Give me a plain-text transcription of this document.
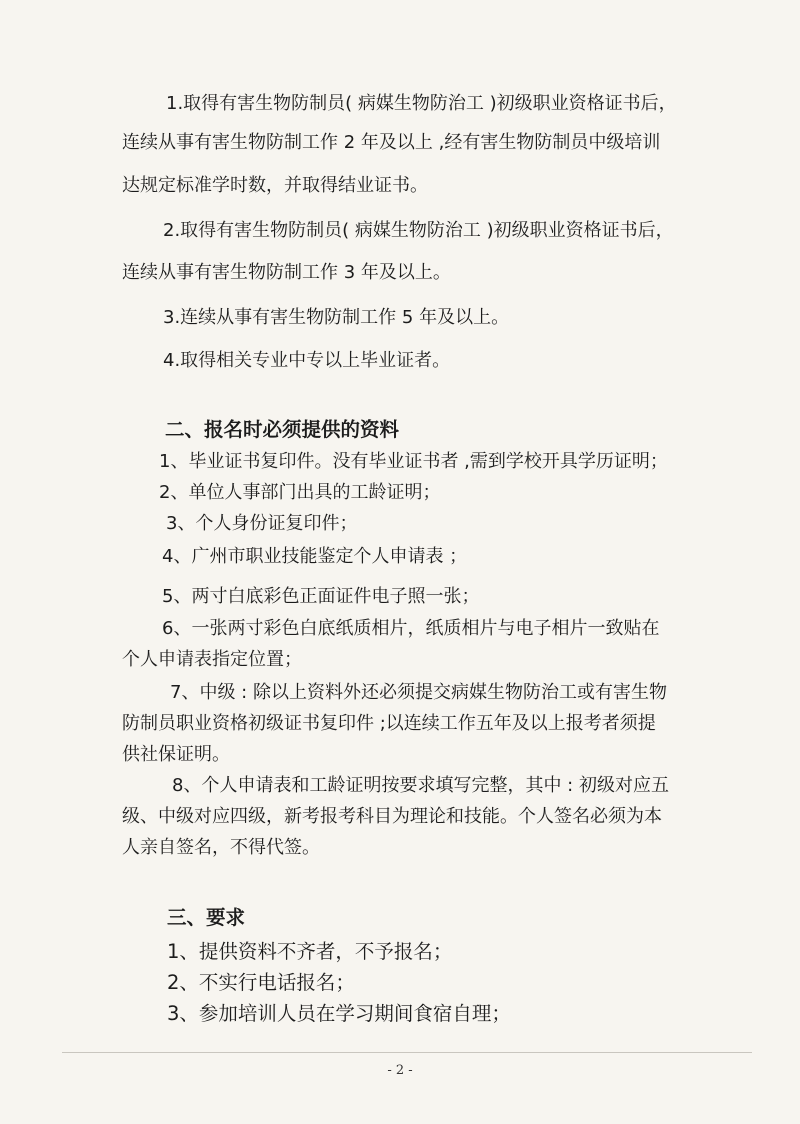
1.取得有害生物防制员( 病媒生物防治工 )初级职业资格证书后，
连续从事有害生物防制工作 2 年及以上 ,经有害生物防制员中级培训
达规定标准学时数，并取得结业证书。
2.取得有害生物防制员( 病媒生物防治工 )初级职业资格证书后，
连续从事有害生物防制工作 3 年及以上。
3.连续从事有害生物防制工作 5 年及以上。
4.取得相关专业中专以上毕业证者。
二、报名时必须提供的资料
1、毕业证书复印件。没有毕业证书者 ,需到学校开具学历证明；
2、单位人事部门出具的工龄证明；
3、个人身份证复印件；
4、广州市职业技能鉴定个人申请表 ；
5、两寸白底彩色正面证件电子照一张；
6、一张两寸彩色白底纸质相片，纸质相片与电子相片一致贴在
个人申请表指定位置；
7、中级 : 除以上资料外还必须提交病媒生物防治工或有害生物
防制员职业资格初级证书复印件 ;以连续工作五年及以上报考者须提
供社保证明。
8、个人申请表和工龄证明按要求填写完整，其中 : 初级对应五
级、中级对应四级，新考报考科目为理论和技能。个人签名必须为本
人亲自签名，不得代签。
三、要求
1、提供资料不齐者，不予报名；
2、不实行电话报名；
3、参加培训人员在学习期间食宿自理；
- 2 -
